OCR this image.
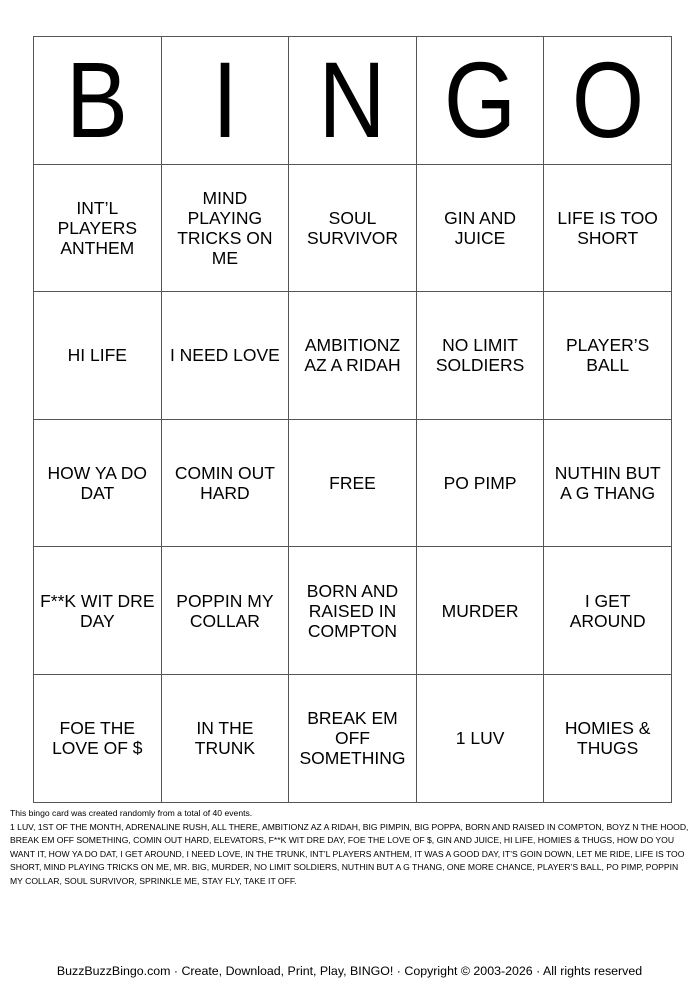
B	I	N	G	O
INT’L PLAYERS ANTHEM	MIND PLAYING TRICKS ON ME	SOUL SURVIVOR	GIN AND JUICE	LIFE IS TOO SHORT
HI LIFE	I NEED LOVE	AMBITIONZ AZ A RIDAH	NO LIMIT SOLDIERS	PLAYER’S BALL
HOW YA DO DAT	COMIN OUT HARD	FREE	PO PIMP	NUTHIN BUT A G THANG
F**K WIT DRE DAY	POPPIN MY COLLAR	BORN AND RAISED IN COMPTON	MURDER	I GET AROUND
FOE THE LOVE OF $	IN THE TRUNK	BREAK EM OFF SOMETHING	1 LUV	HOMIES & THUGS

This bingo card was created randomly from a total of 40 events.

1 LUV, 1ST OF THE MONTH, ADRENALINE RUSH, ALL THERE, AMBITIONZ AZ A RIDAH, BIG PIMPIN, BIG POPPA, BORN AND RAISED IN COMPTON, BOYZ N THE HOOD, BREAK EM OFF SOMETHING, COMIN OUT HARD, ELEVATORS, F**K WIT DRE DAY, FOE THE LOVE OF $, GIN AND JUICE, HI LIFE, HOMIES & THUGS, HOW DO YOU WANT IT, HOW YA DO DAT, I GET AROUND, I NEED LOVE, IN THE TRUNK, INT’L PLAYERS ANTHEM, IT WAS A GOOD DAY, IT’S GOIN DOWN, LET ME RIDE, LIFE IS TOO SHORT, MIND PLAYING TRICKS ON ME, MR. BIG, MURDER, NO LIMIT SOLDIERS, NUTHIN BUT A G THANG, ONE MORE CHANCE, PLAYER’S BALL, PO PIMP, POPPIN MY COLLAR, SOUL SURVIVOR, SPRINKLE ME, STAY FLY, TAKE IT OFF.

BuzzBuzzBingo.com · Create, Download, Print, Play, BINGO! · Copyright © 2003-2026 · All rights reserved
